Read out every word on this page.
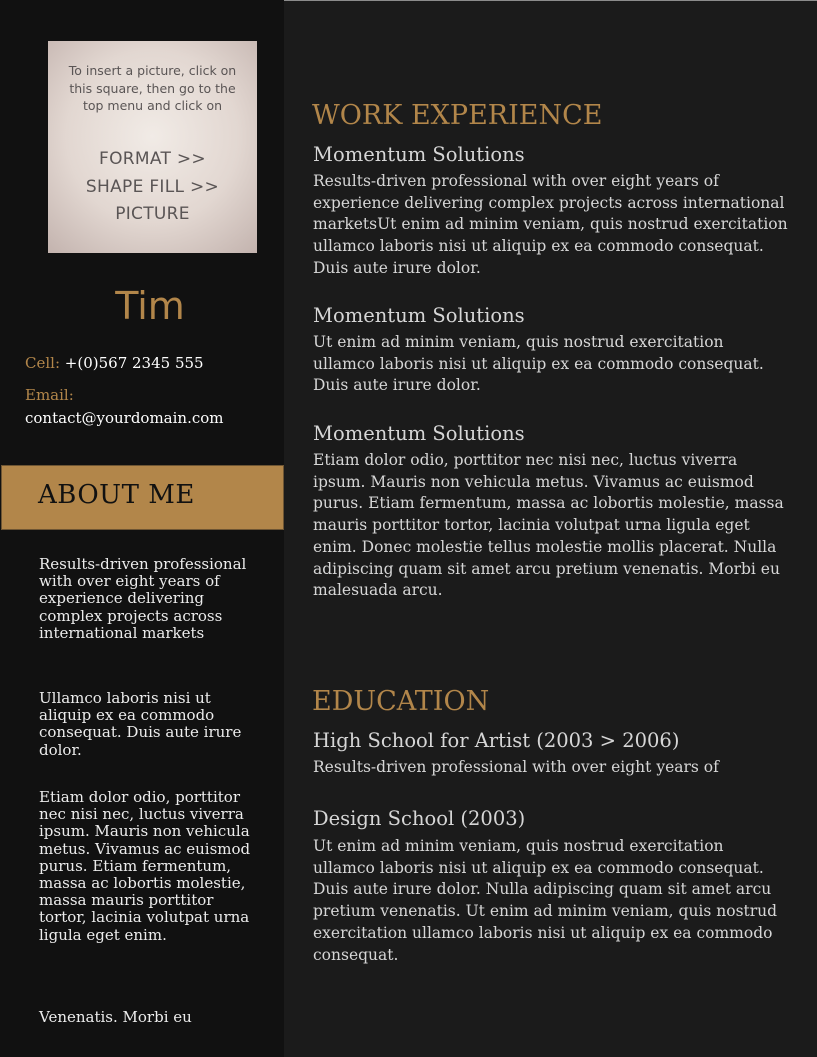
To insert a picture, click on this square, then go to the top menu and click on
FORMAT >>
SHAPE FILL >>
PICTURE
Tim
Cell: +(0)567 2345 555
Email:
contact@yourdomain.com
ABOUT ME

Results-driven professional with over eight years of experience delivering complex projects across international markets

Ullamco laboris nisi ut aliquip ex ea commodo consequat. Duis aute irure dolor.

Etiam dolor odio, porttitor nec nisi nec, luctus viverra ipsum. Mauris non vehicula metus. Vivamus ac euismod purus. Etiam fermentum, massa ac lobortis molestie, massa mauris porttitor tortor, lacinia volutpat urna ligula eget enim.

Venenatis. Morbi eu

WORK EXPERIENCE
Momentum Solutions

Results-driven professional with over eight years of experience delivering complex projects across international marketsUt enim ad minim veniam, quis nostrud exercitation ullamco laboris nisi ut aliquip ex ea commodo consequat. Duis aute irure dolor.

Momentum Solutions

Ut enim ad minim veniam, quis nostrud exercitation ullamco laboris nisi ut aliquip ex ea commodo consequat. Duis aute irure dolor.

Momentum Solutions

Etiam dolor odio, porttitor nec nisi nec, luctus viverra ipsum. Mauris non vehicula metus. Vivamus ac euismod purus. Etiam fermentum, massa ac lobortis molestie, massa mauris porttitor tortor, lacinia volutpat urna ligula eget enim. Donec molestie tellus molestie mollis placerat. Nulla adipiscing quam sit amet arcu pretium venenatis. Morbi eu malesuada arcu.

EDUCATION
High School for Artist (2003 > 2006)

Results-driven professional with over eight years of

Design School (2003)

Ut enim ad minim veniam, quis nostrud exercitation ullamco laboris nisi ut aliquip ex ea commodo consequat. Duis aute irure dolor. Nulla adipiscing quam sit amet arcu pretium venenatis. Ut enim ad minim veniam, quis nostrud exercitation ullamco laboris nisi ut aliquip ex ea commodo consequat.
